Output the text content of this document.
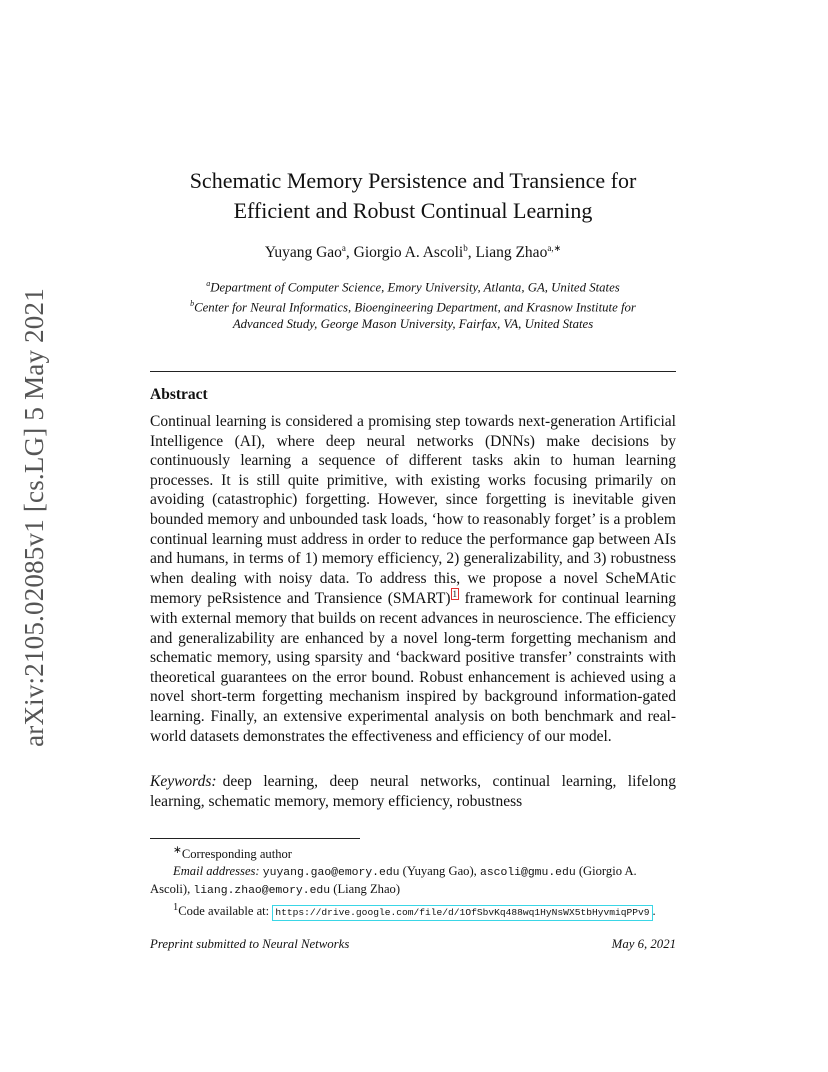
arXiv:2105.02085v1 [cs.LG] 5 May 2021
Schematic Memory Persistence and Transience for
Efficient and Robust Continual Learning
Yuyang Gao$^a$, Giorgio A. Ascoli$^b$, Liang Zhao$^{a,∗}$
$^a$Department of Computer Science, Emory University, Atlanta, GA, United States
$^b$Center for Neural Informatics, Bioengineering Department, and Krasnow Institute for
Advanced Study, George Mason University, Fairfax, VA, United States
Abstract

Continual learning is considered a promising step towards next-generation Artificial Intelligence (AI), where deep neural networks (DNNs) make decisions by continuously learning a sequence of different tasks akin to human learning processes. It is still quite primitive, with existing works focusing primarily on avoiding (catastrophic) forgetting. However, since forgetting is inevitable given bounded memory and unbounded task loads, ‘how to reasonably forget’ is a problem continual learning must address in order to reduce the performance gap between AIs and humans, in terms of 1) memory efficiency, 2) generalizability, and 3) robustness when dealing with noisy data. To address this, we propose a novel ScheMAtic memory peRsistence and Transience (SMART) 1 framework for continual learning with external memory that builds on recent advances in neuroscience. The efficiency and generalizability are enhanced by a novel long-term forgetting mechanism and schematic memory, using sparsity and ‘backward positive transfer’ constraints with theoretical guarantees on the error bound. Robust enhancement is achieved using a novel short-term forgetting mechanism inspired by background information-gated learning. Finally, an extensive experimental analysis on both benchmark and real-world datasets demonstrates the effectiveness and efficiency of our model.

Keywords: deep learning, deep neural networks, continual learning, lifelong learning, schematic memory, memory efficiency, robustness

∗Corresponding author

Email addresses: yuyang.gao@emory.edu (Yuyang Gao), ascoli@gmu.edu (Giorgio A. Ascoli), liang.zhao@emory.edu (Liang Zhao)

$^1$Code available at: https://drive.google.com/file/d/1OfSbvKq488wq1HyNsWX5tbHyvmiqPPv9 .

Preprint submitted to Neural Networks	May 6, 2021
